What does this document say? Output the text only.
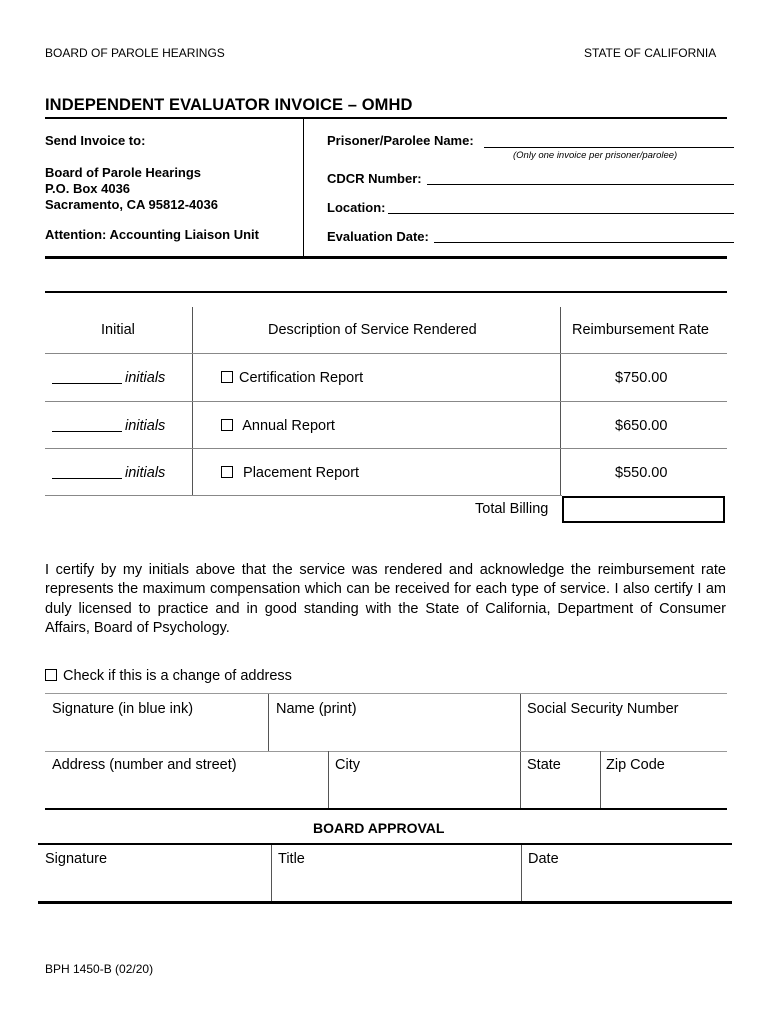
BOARD OF PAROLE HEARINGS	STATE OF CALIFORNIA
INDEPENDENT EVALUATOR INVOICE – OMHD
Send Invoice to:
Board of Parole Hearings
P.O. Box 4036
Sacramento, CA 95812-4036
Attention: Accounting Liaison Unit
Prisoner/Parolee Name:
(Only one invoice per prisoner/parolee)
CDCR Number:
Location:
Evaluation Date:
Initial	Description of Service Rendered	Reimbursement Rate
initials	Certification Report	$750.00
initials	Annual Report	$650.00
initials	Placement Report	$550.00
Total Billing
I certify by my initials above that the service was rendered and acknowledge the reimbursement rate represents the maximum compensation which can be received for each type of service. I also certify I am duly licensed to practice and in good standing with the State of California, Department of Consumer Affairs, Board of Psychology.
Check if this is a change of address
Signature (in blue ink)	Name (print)	Social Security Number
Address (number and street)	City	State	Zip Code
BOARD APPROVAL
Signature	Title	Date
BPH 1450-B (02/20)
